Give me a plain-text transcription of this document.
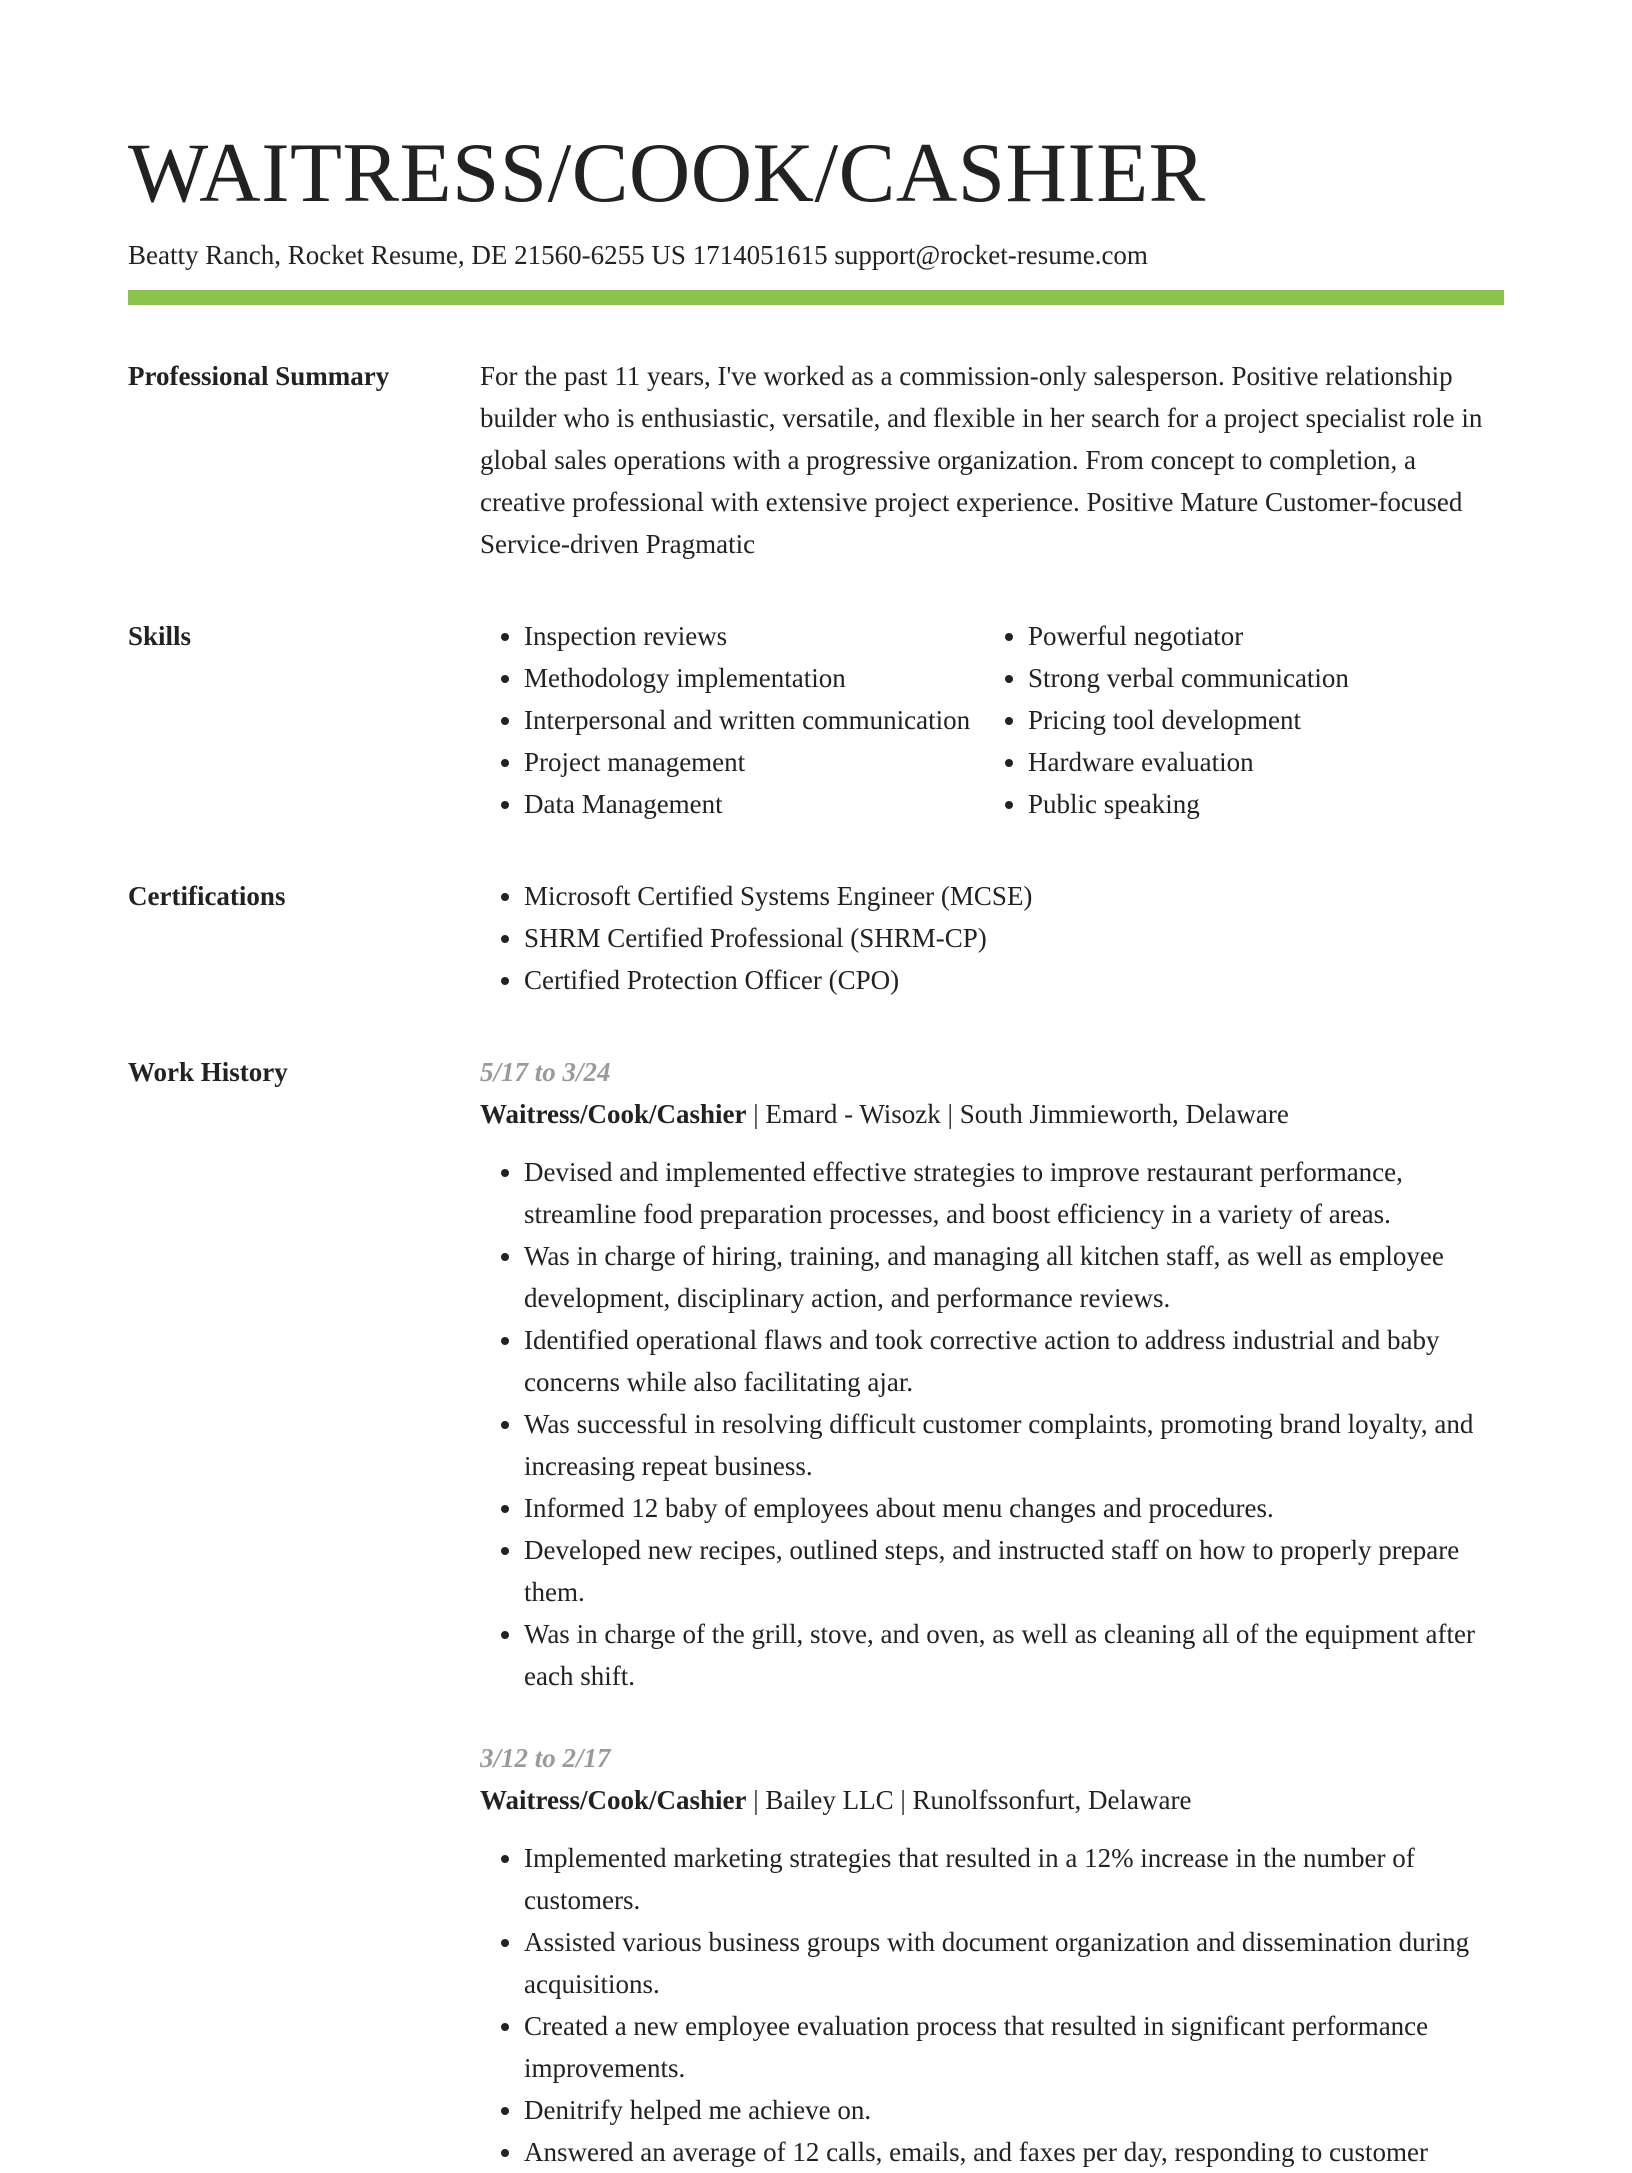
WAITRESS/COOK/CASHIER
Beatty Ranch, Rocket Resume, DE 21560-6255 US 1714051615 support@rocket-resume.com
Professional Summary	For the past 11 years, I've worked as a commission-only salesperson. Positive relationship builder who is enthusiastic, versatile, and flexible in her search for a project specialist role in global sales operations with a progressive organization. From concept to completion, a creative professional with extensive project experience. Positive Mature Customer-focused Service-driven Pragmatic
Skills	• Inspection reviews
• Methodology implementation
• Interpersonal and written communication
• Project management
• Data Management
• Powerful negotiator
• Strong verbal communication
• Pricing tool development
• Hardware evaluation
• Public speaking
Certifications	• Microsoft Certified Systems Engineer (MCSE)
• SHRM Certified Professional (SHRM-CP)
• Certified Protection Officer (CPO)
Work History	5/17 to 3/24
Waitress/Cook/Cashier | Emard - Wisozk | South Jimmieworth, Delaware
• Devised and implemented effective strategies to improve restaurant performance, streamline food preparation processes, and boost efficiency in a variety of areas.
• Was in charge of hiring, training, and managing all kitchen staff, as well as employee development, disciplinary action, and performance reviews.
• Identified operational flaws and took corrective action to address industrial and baby concerns while also facilitating ajar.
• Was successful in resolving difficult customer complaints, promoting brand loyalty, and increasing repeat business.
• Informed 12 baby of employees about menu changes and procedures.
• Developed new recipes, outlined steps, and instructed staff on how to properly prepare them.
• Was in charge of the grill, stove, and oven, as well as cleaning all of the equipment after each shift.
3/12 to 2/17
Waitress/Cook/Cashier | Bailey LLC | Runolfssonfurt, Delaware
• Implemented marketing strategies that resulted in a 12% increase in the number of customers.
• Assisted various business groups with document organization and dissemination during acquisitions.
• Created a new employee evaluation process that resulted in significant performance improvements.
• Denitrify helped me achieve on.
• Answered an average of 12 calls, emails, and faxes per day, responding to customer
